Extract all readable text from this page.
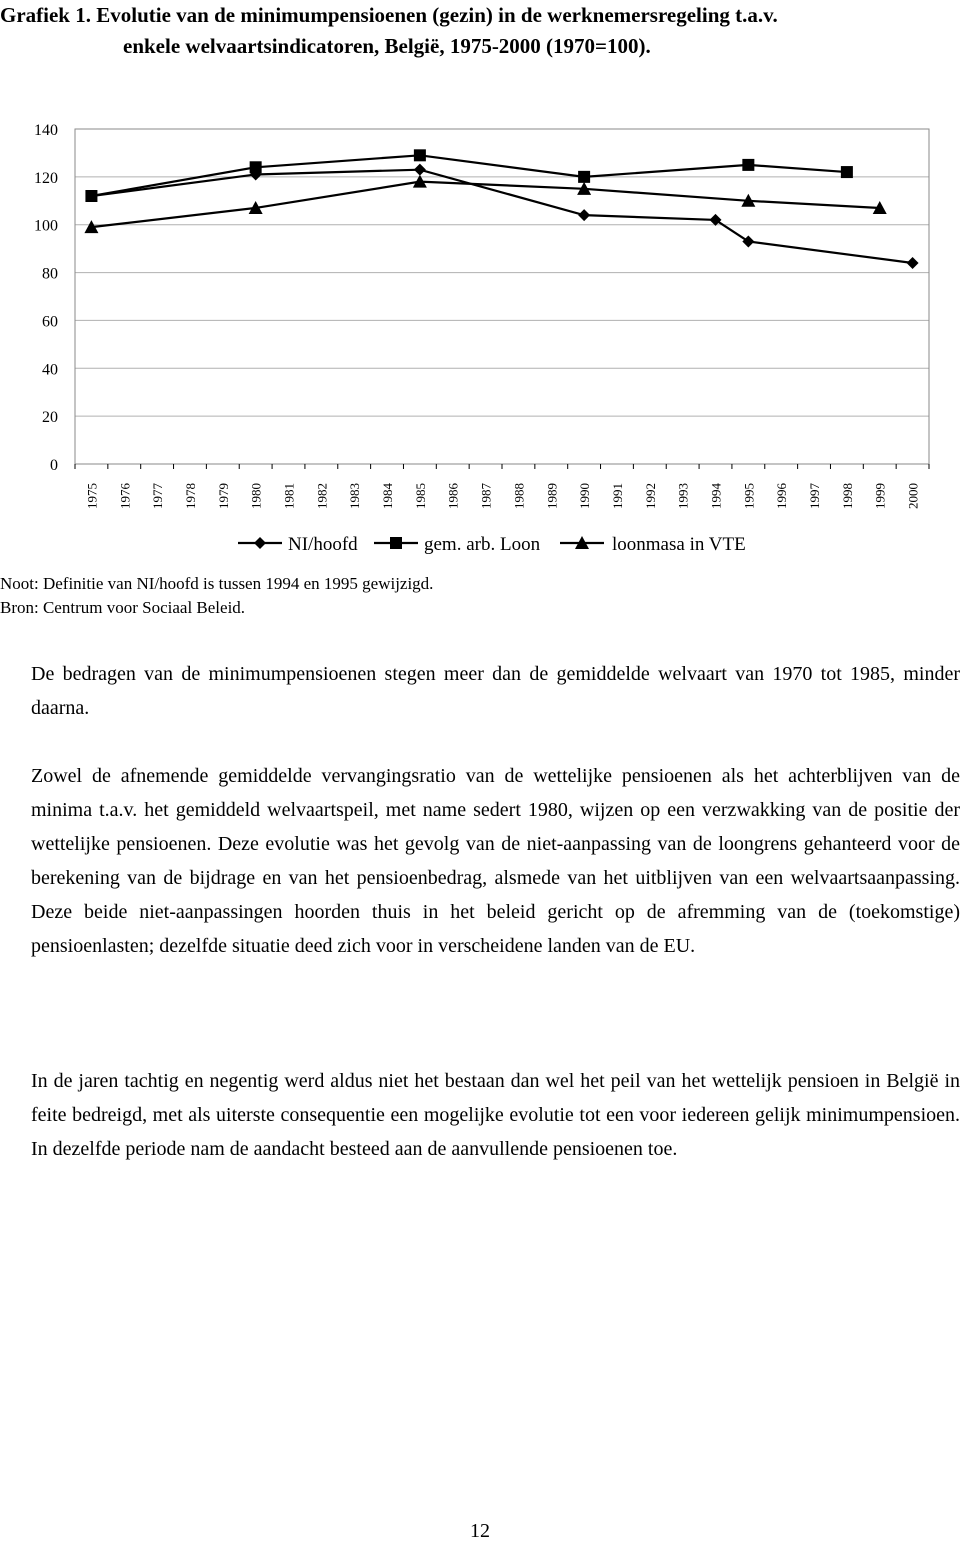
Grafiek 1. Evolutie van de minimumpensioenen (gezin) in de werknemersregeling t.a.v.
enkele welvaartsindicatoren, België, 1975-2000 (1970=100).
0
20
40
60
80
100
120
140
1975 1976 1977 1978 1979 1980 1981 1982 1983 1984 1985 1986 1987 1988 1989 1990 1991 1992 1993 1994 1995 1996 1997 1998 1999 2000
NI/hoofd	gem. arb. Loon	loonmasa in VTE
Noot: Definitie van NI/hoofd is tussen 1994 en 1995 gewijzigd.
Bron: Centrum voor Sociaal Beleid.

De bedragen van de minimumpensioenen stegen meer dan de gemiddelde welvaart van 1970 tot 1985, minder daarna.

Zowel de afnemende gemiddelde vervangingsratio van de wettelijke pensioenen als het achterblijven van de minima t.a.v. het gemiddeld welvaartspeil, met name sedert 1980, wijzen op een verzwakking van de positie der wettelijke pensioenen. Deze evolutie was het gevolg van de niet-aanpassing van de loongrens gehanteerd voor de berekening van de bijdrage en van het pensioenbedrag, alsmede van het uitblijven van een welvaartsaanpassing. Deze beide niet-aanpassingen hoorden thuis in het beleid gericht op de afremming van de (toekomstige) pensioenlasten; dezelfde situatie deed zich voor in verscheidene landen van de EU.

In de jaren tachtig en negentig werd aldus niet het bestaan dan wel het peil van het wettelijk pensioen in België in feite bedreigd, met als uiterste consequentie een mogelijke evolutie tot een voor iedereen gelijk minimumpensioen. In dezelfde periode nam de aandacht besteed aan de aanvullende pensioenen toe.

12
